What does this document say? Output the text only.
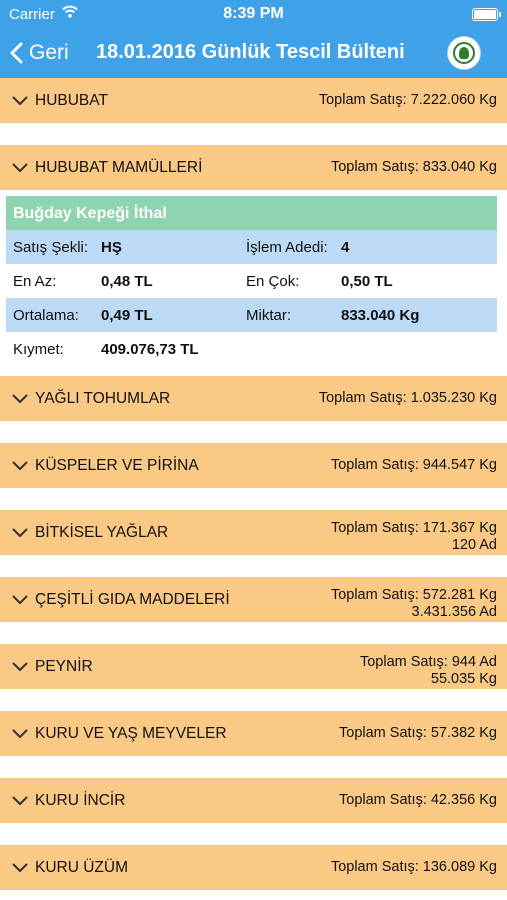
Carrier	8:39 PM
Geri 18.01.2016 Günlük Tescil Bülteni
HUBUBAT	Toplam Satış: 7.222.060 Kg
HUBUBAT MAMÜLLERİ	Toplam Satış: 833.040 Kg
YAĞLI TOHUMLAR	Toplam Satış: 1.035.230 Kg
KÜSPELER VE PİRİNA	Toplam Satış: 944.547 Kg
BİTKİSEL YAĞLAR	Toplam Satış: 171.367 Kg
120 Ad
ÇEŞİTLİ GIDA MADDELERİ	Toplam Satış: 572.281 Kg
3.431.356 Ad
PEYNİR	Toplam Satış: 944 Ad
55.035 Kg
KURU VE YAŞ MEYVELER	Toplam Satış: 57.382 Kg
KURU İNCİR	Toplam Satış: 42.356 Kg
KURU ÜZÜM	Toplam Satış: 136.089 Kg
Buğday Kepeği İthal
Satış Şekli: HŞ	İşlem Adedi: 4
En Az:	0,48 TL	En Çok:	0,50 TL
Ortalama: 0,49 TL	Miktar:	833.040 Kg
Kıymet: 409.076,73 TL
